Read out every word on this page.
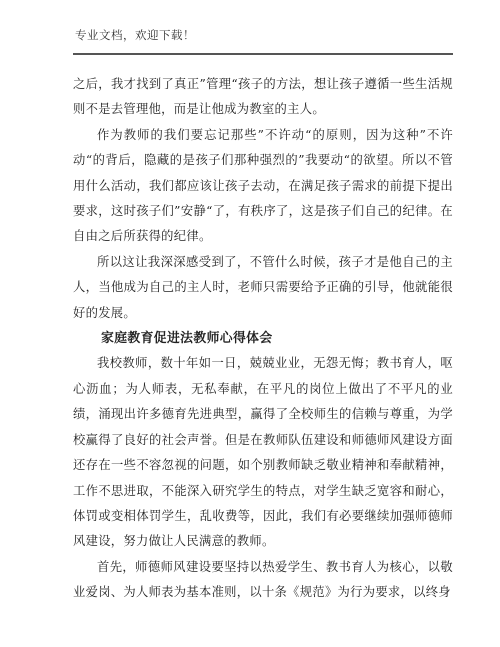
专业文档，欢迎下载！

之后，我才找到了真正”管理“孩子的方法，想让孩子遵循一些生活规则不是去管理他，而是让他成为教室的主人。

作为教师的我们要忘记那些”不许动“的原则，因为这种”不许动“的背后，隐藏的是孩子们那种强烈的”我要动“的欲望。所以不管用什么活动，我们都应该让孩子去动，在满足孩子需求的前提下提出要求，这时孩子们”安静“了，有秩序了，这是孩子们自己的纪律。在自由之后所获得的纪律。

所以这让我深深感受到了，不管什么时候，孩子才是他自己的主人，当他成为自己的主人时，老师只需要给予正确的引导，他就能很好的发展。

家庭教育促进法教师心得体会

我校教师，数十年如一日，兢兢业业，无怨无悔；教书育人，呕心沥血；为人师表，无私奉献，在平凡的岗位上做出了不平凡的业绩，涌现出许多德育先进典型，赢得了全校师生的信赖与尊重，为学校赢得了良好的社会声誉。但是在教师队伍建设和师德师风建设方面还存在一些不容忽视的问题，如个别教师缺乏敬业精神和奉献精神，工作不思进取，不能深入研究学生的特点，对学生缺乏宽容和耐心，体罚或变相体罚学生，乱收费等，因此，我们有必要继续加强师德师风建设，努力做让人民满意的教师。

首先，师德师风建设要坚持以热爱学生、教书育人为核心，以敬业爱岗、为人师表为基本准则，以十条《规范》为行为要求，以终身
